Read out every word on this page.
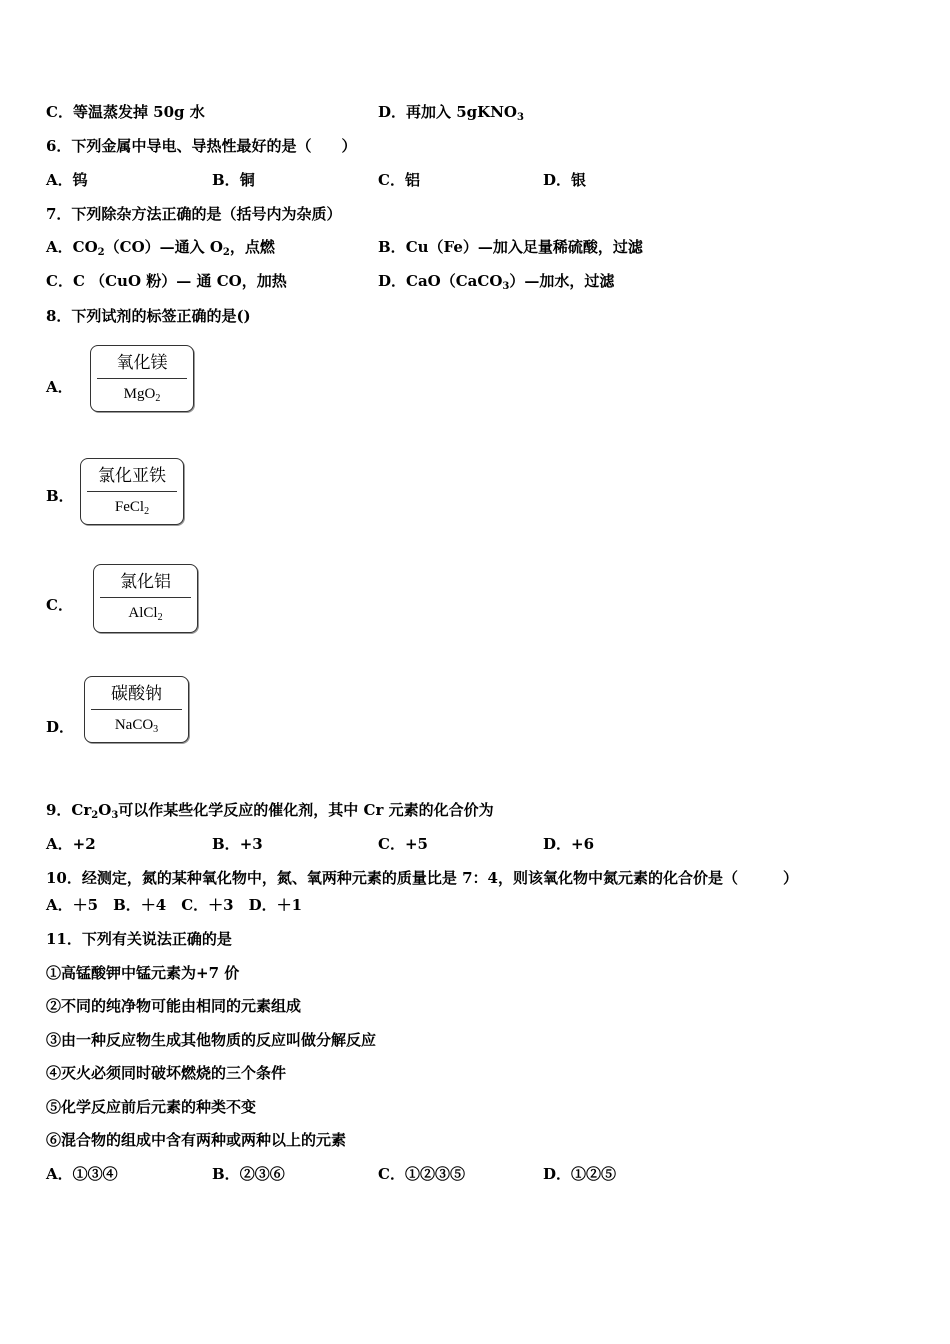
C．等温蒸发掉 50g 水	D．再加入 5gKNO$_3$
6．下列金属中导电、导热性最好的是（　　）
A．钨	B．铜	C．铝	D．银
7．下列除杂方法正确的是（括号内为杂质）
A．$CO_2(CO)—$通入 $O_2$，点燃	B．Cu（Fe）—加入足量稀硫酸，过滤
C．C （CuO 粉）— 通 CO，加热	D．CaO（CaCO$_3$）—加水，过滤
8．下列试剂的标签正确的是()
A．
氧化镁
MgO$_2$
B．
氯化亚铁
FeCl$_2$
C．
氯化铝
AlCl$_2$
D．
碳酸钠
NaCO$_3$
9．$Cr_2O_3$可以作某些化学反应的催化剂，其中 Cr 元素的化合价为
A．+2	B．+3	C．+5	D．+6
10．经测定，氮的某种氧化物中，氮、氧两种元素的质量比是 7：4，则该氧化物中氮元素的化合价是（　　　）
A．＋5　B．＋4　C．＋3　D．＋1
11．下列有关说法正确的是
①高锰酸钾中锰元素为+7 价
②不同的纯净物可能由相同的元素组成
③由一种反应物生成其他物质的反应叫做分解反应
④灭火必须同时破坏燃烧的三个条件
⑤化学反应前后元素的种类不变
⑥混合物的组成中含有两种或两种以上的元素
A．①③④	B．②③⑥	C．①②③⑤	D．①②⑤
